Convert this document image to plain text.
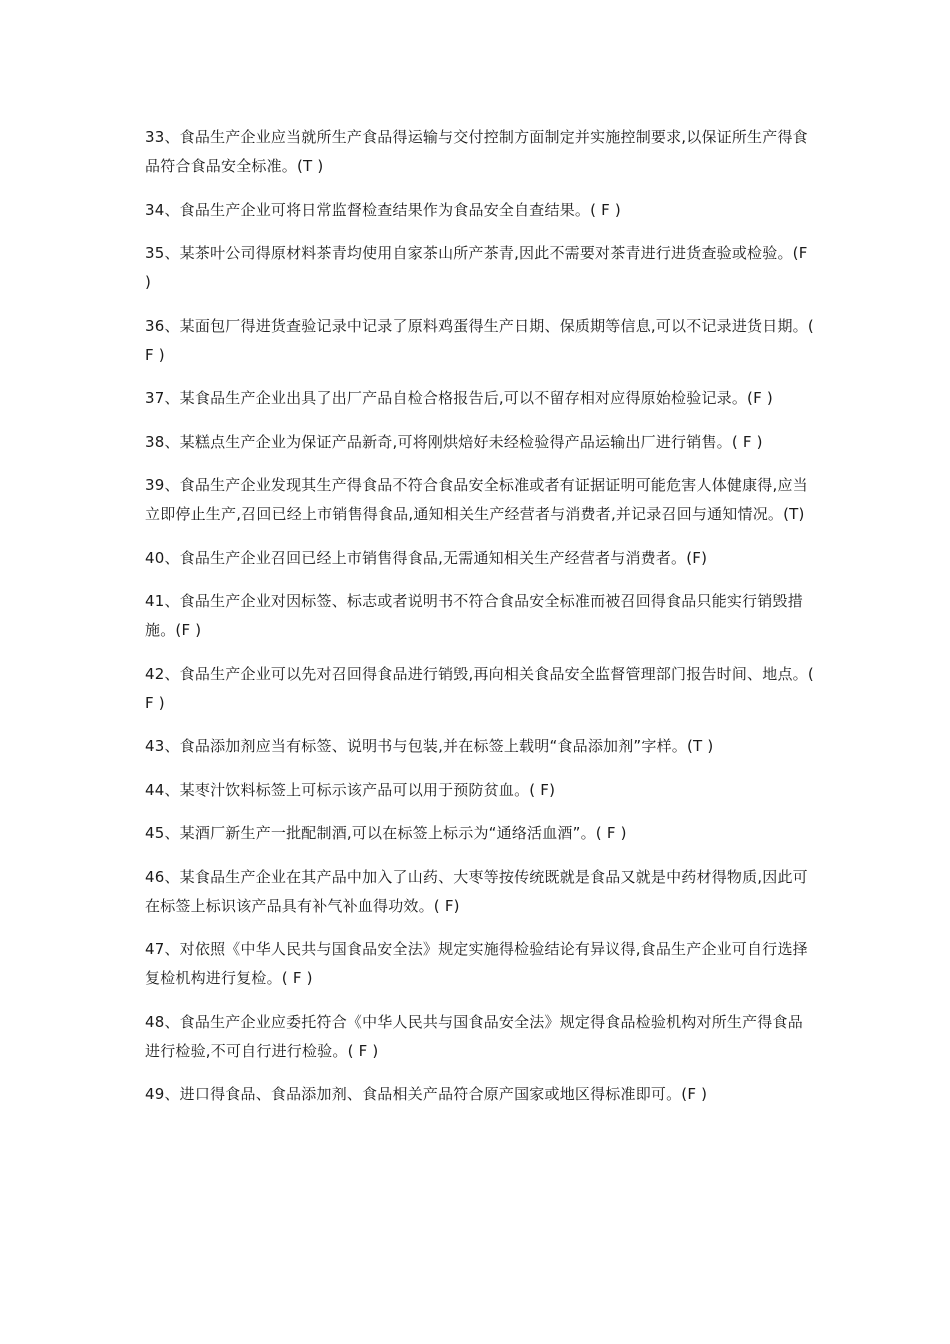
33、食品生产企业应当就所生产食品得运输与交付控制方面制定并实施控制要求,以保证所生产得食品符合食品安全标准。(T )

34、食品生产企业可将日常监督检查结果作为食品安全自查结果。( F )

35、某茶叶公司得原材料茶青均使用自家茶山所产茶青,因此不需要对茶青进行进货查验或检验。(F )

36、某面包厂得进货查验记录中记录了原料鸡蛋得生产日期、保质期等信息,可以不记录进货日期。( F )

37、某食品生产企业出具了出厂产品自检合格报告后,可以不留存相对应得原始检验记录。(F )

38、某糕点生产企业为保证产品新奇,可将刚烘焙好未经检验得产品运输出厂进行销售。( F )

39、食品生产企业发现其生产得食品不符合食品安全标准或者有证据证明可能危害人体健康得,应当立即停止生产,召回已经上市销售得食品,通知相关生产经营者与消费者,并记录召回与通知情况。(T)

40、食品生产企业召回已经上市销售得食品,无需通知相关生产经营者与消费者。(F)

41、食品生产企业对因标签、标志或者说明书不符合食品安全标准而被召回得食品只能实行销毁措施。(F )

42、食品生产企业可以先对召回得食品进行销毁,再向相关食品安全监督管理部门报告时间、地点。( F )

43、食品添加剂应当有标签、说明书与包装,并在标签上载明“食品添加剂”字样。(T )

44、某枣汁饮料标签上可标示该产品可以用于预防贫血。( F)

45、某酒厂新生产一批配制酒,可以在标签上标示为“通络活血酒”。( F )

46、某食品生产企业在其产品中加入了山药、大枣等按传统既就是食品又就是中药材得物质,因此可在标签上标识该产品具有补气补血得功效。( F)

47、对依照《中华人民共与国食品安全法》规定实施得检验结论有异议得,食品生产企业可自行选择复检机构进行复检。( F )

48、食品生产企业应委托符合《中华人民共与国食品安全法》规定得食品检验机构对所生产得食品进行检验,不可自行进行检验。( F )

49、进口得食品、食品添加剂、食品相关产品符合原产国家或地区得标准即可。(F )
